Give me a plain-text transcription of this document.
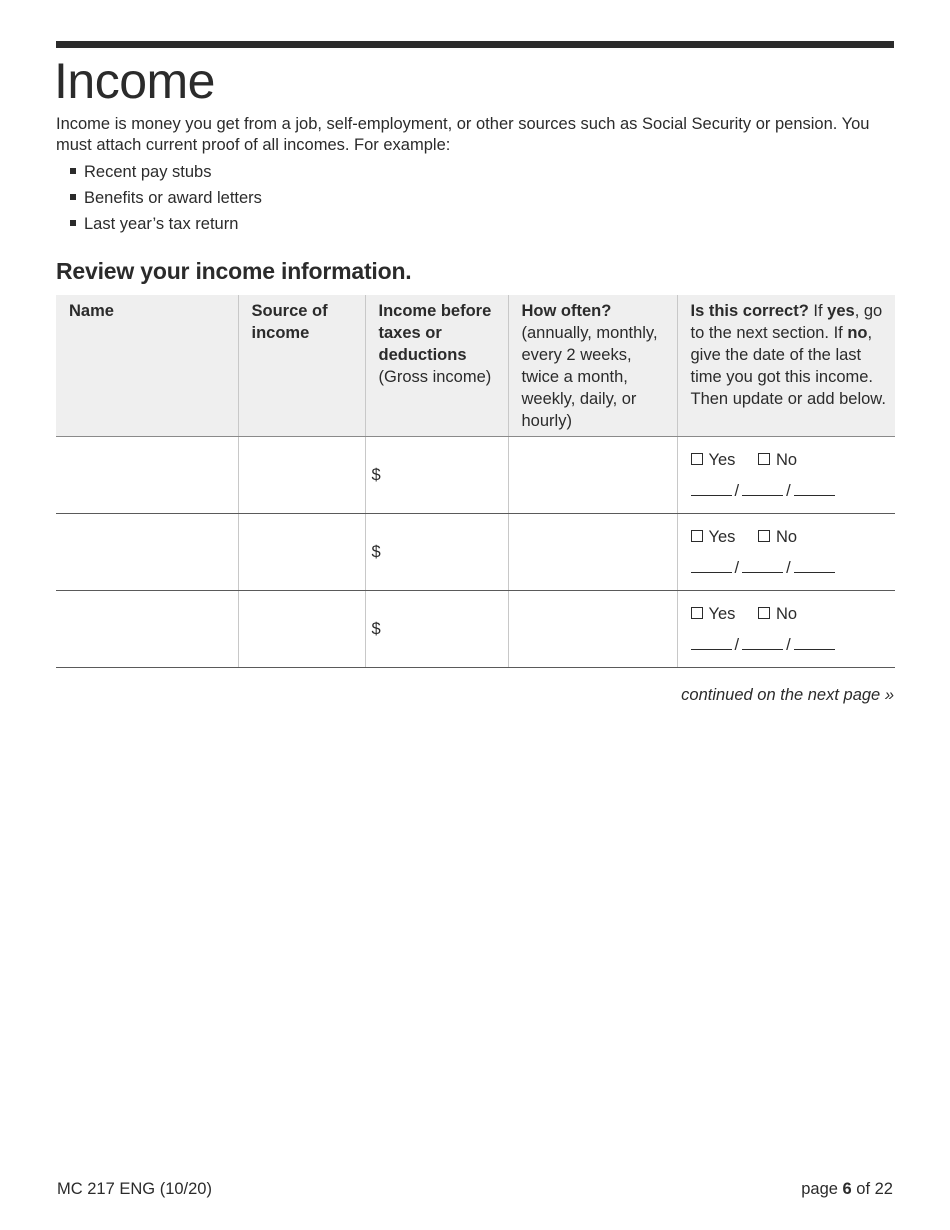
Income

Income is money you get from a job, self-employment, or other sources such as Social Security or pension. You must attach current proof of all incomes. For example:

Recent pay stubs
Benefits or award letters
Last year’s tax return
Review your income information.
Name	Source of income	Income before taxes or deductions (Gross income)	How often? (annually, monthly, every 2 weeks, twice a month, weekly, daily, or hourly)	Is this correct? If yes, go to the next section. If no, give the date of the last time you got this income. Then update or add below.
		$		Yes No
/ /

		$		Yes No
/ /

		$		Yes No
/ /

continued on the next page »

MC 217 ENG (10/20)	page 6 of 22
